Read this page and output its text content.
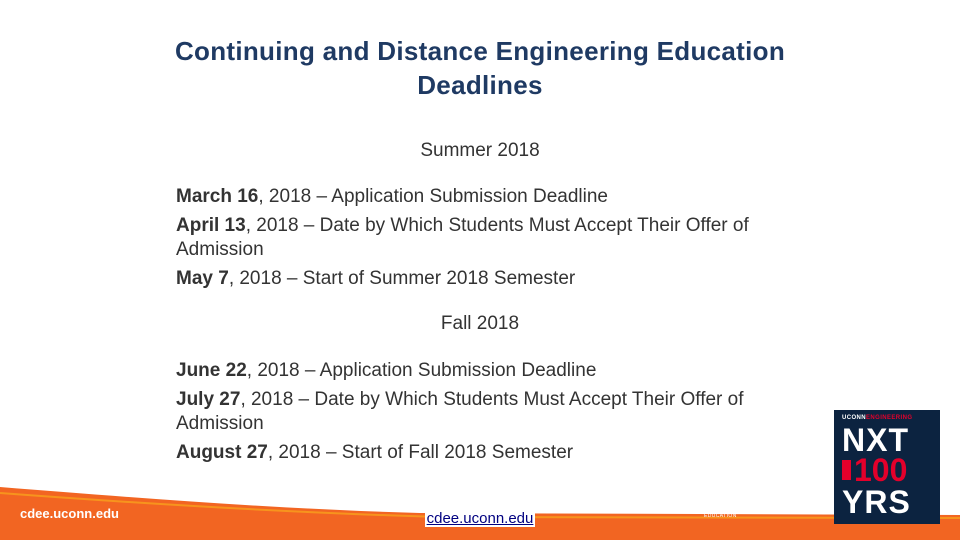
Continuing and Distance Engineering Education
Deadlines
Summer 2018
March 16, 2018 – Application Submission Deadline
April 13, 2018 – Date by Which Students Must Accept Their Offer of Admission
May 7, 2018 – Start of Summer 2018 Semester
Fall 2018
June 22, 2018 – Application Submission Deadline
July 27, 2018 – Date by Which Students Must Accept Their Offer of Admission
August 27, 2018 – Start of Fall 2018 Semester
cdee.uconn.edu	cdee.uconn.edu
UCONN
SCHOOL OF ENGINEERING
CONTINUING & DISTANCE ENGINEERING EDUCATION
UCONNENGINEERING
NXT
100
YRS
